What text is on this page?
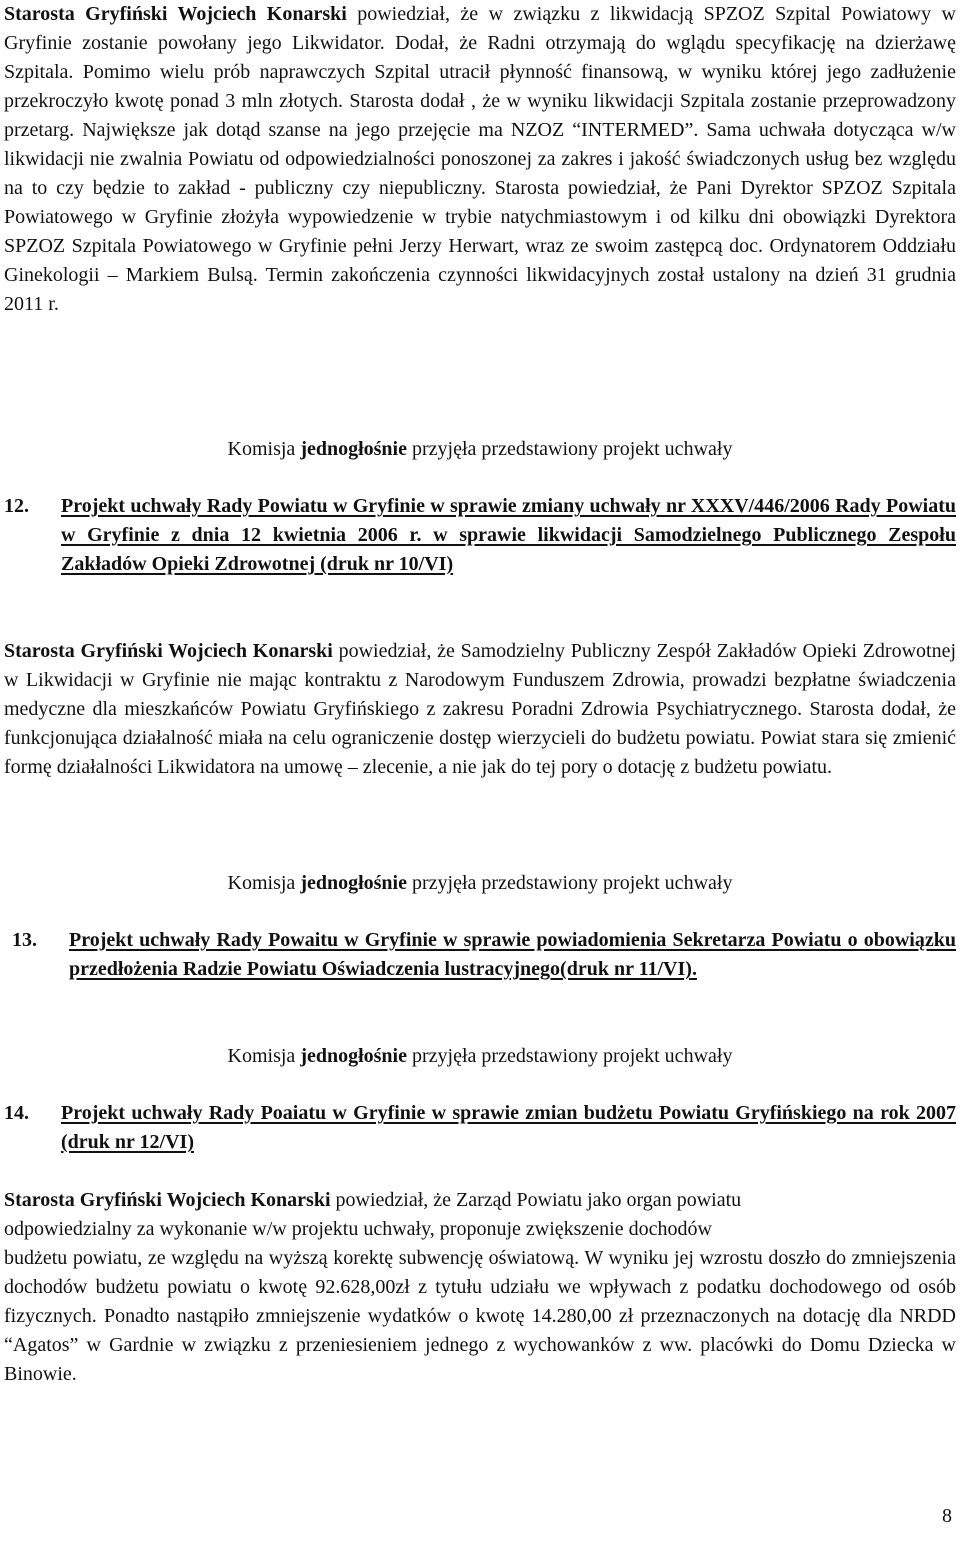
Starosta Gryfiński Wojciech Konarski powiedział, że w związku z likwidacją SPZOZ Szpital Powiatowy w Gryfinie zostanie powołany jego Likwidator. Dodał, że Radni otrzymają do wglądu specyfikację na dzierżawę Szpitala. Pomimo wielu prób naprawczych Szpital utracił płynność finansową, w wyniku której jego zadłużenie przekroczyło kwotę ponad 3 mln złotych. Starosta dodał , że w wyniku likwidacji Szpitala zostanie przeprowadzony przetarg. Największe jak dotąd szanse na jego przejęcie ma NZOZ “INTERMED”. Sama uchwała dotycząca w/w likwidacji nie zwalnia Powiatu od odpowiedzialności ponoszonej za zakres i jakość świadczonych usług bez względu na to czy będzie to zakład - publiczny czy niepubliczny. Starosta powiedział, że Pani Dyrektor SPZOZ Szpitala Powiatowego w Gryfinie złożyła wypowiedzenie w trybie natychmiastowym i od kilku dni obowiązki Dyrektora SPZOZ Szpitala Powiatowego w Gryfinie pełni Jerzy Herwart, wraz ze swoim zastępcą doc. Ordynatorem Oddziału Ginekologii – Markiem Bulsą. Termin zakończenia czynności likwidacyjnych został ustalony na dzień 31 grudnia 2011 r.

Komisja jednogłośnie przyjęła przedstawiony projekt uchwały

12.	Projekt uchwały Rady Powiatu w Gryfinie w sprawie zmiany uchwały nr XXXV/446/2006 Rady Powiatu w Gryfinie z dnia 12 kwietnia 2006 r. w sprawie likwidacji Samodzielnego Publicznego Zespołu Zakładów Opieki Zdrowotnej (druk nr 10/VI)

Starosta Gryfiński Wojciech Konarski powiedział, że Samodzielny Publiczny Zespół Zakładów Opieki Zdrowotnej w Likwidacji w Gryfinie nie mając kontraktu z Narodowym Funduszem Zdrowia, prowadzi bezpłatne świadczenia medyczne dla mieszkańców Powiatu Gryfińskiego z zakresu Poradni Zdrowia Psychiatrycznego. Starosta dodał, że funkcjonująca działalność miała na celu ograniczenie dostęp wierzycieli do budżetu powiatu. Powiat stara się zmienić formę działalności Likwidatora na umowę – zlecenie, a nie jak do tej pory o dotację z budżetu powiatu.

Komisja jednogłośnie przyjęła przedstawiony projekt uchwały

13.	Projekt uchwały Rady Powaitu w Gryfinie w sprawie powiadomienia Sekretarza Powiatu o obowiązku przedłożenia Radzie Powiatu Oświadczenia lustracyjnego(druk nr 11/VI).

Komisja jednogłośnie przyjęła przedstawiony projekt uchwały

14.	Projekt uchwały Rady Poaiatu w Gryfinie w sprawie zmian budżetu Powiatu Gryfińskiego na rok 2007 (druk nr 12/VI)

Starosta Gryfiński Wojciech Konarski powiedział, że Zarząd Powiatu jako organ powiatu
odpowiedzialny za wykonanie w/w projektu uchwały, proponuje zwiększenie dochodów

budżetu powiatu, ze względu na wyższą korektę subwencję oświatową. W wyniku jej wzrostu doszło do zmniejszenia dochodów budżetu powiatu o kwotę 92.628,00zł z tytułu udziału we wpływach z podatku dochodowego od osób fizycznych. Ponadto nastąpiło zmniejszenie wydatków o kwotę 14.280,00 zł przeznaczonych na dotację dla NRDD “Agatos” w Gardnie w związku z przeniesieniem jednego z wychowanków z ww. placówki do Domu Dziecka w Binowie.

8
